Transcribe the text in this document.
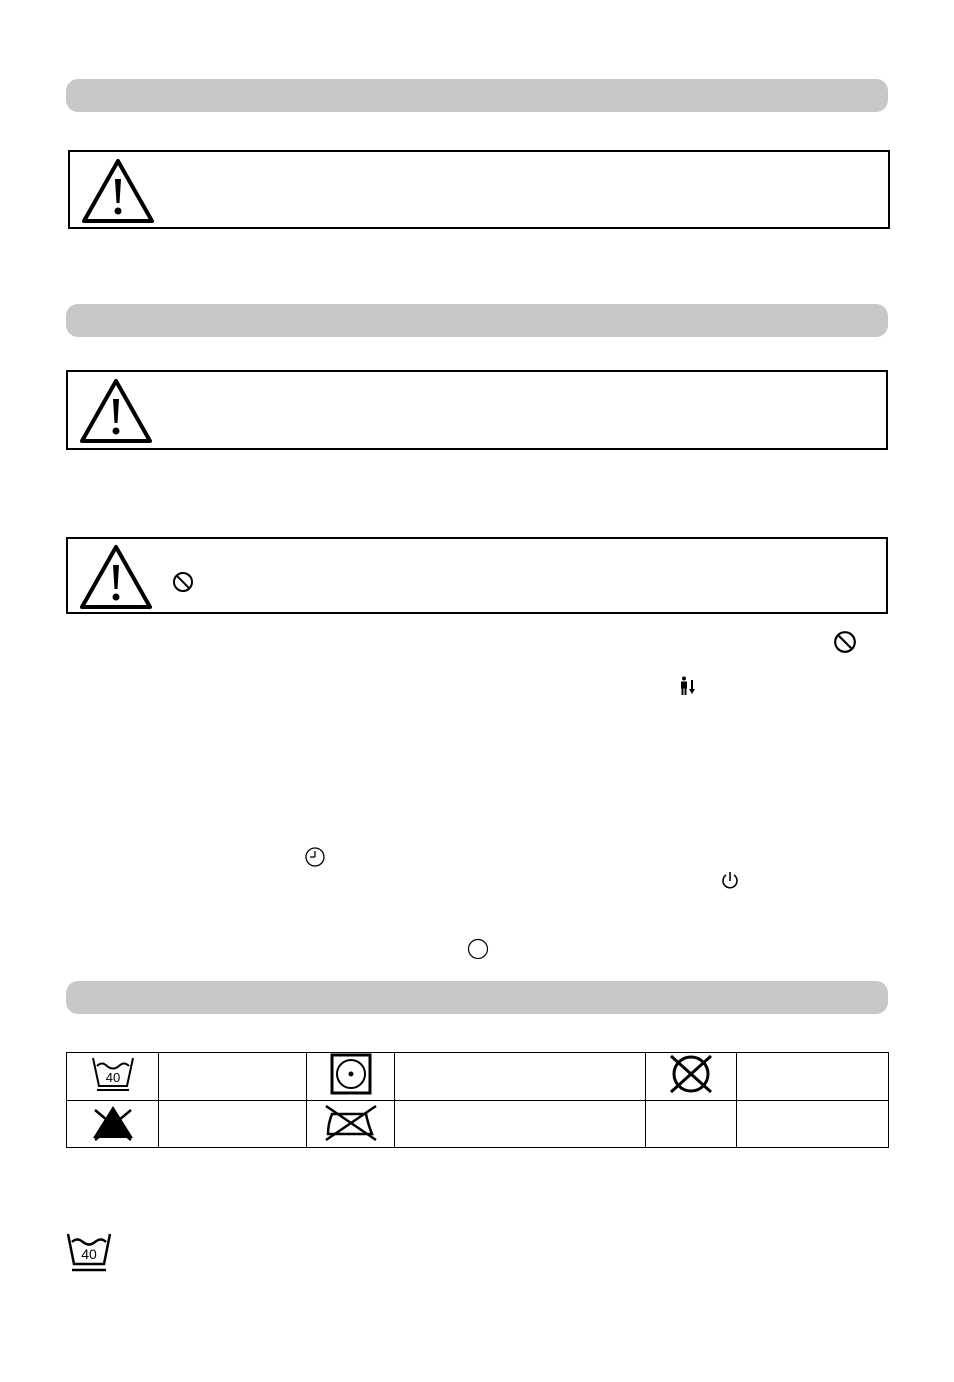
40

40
